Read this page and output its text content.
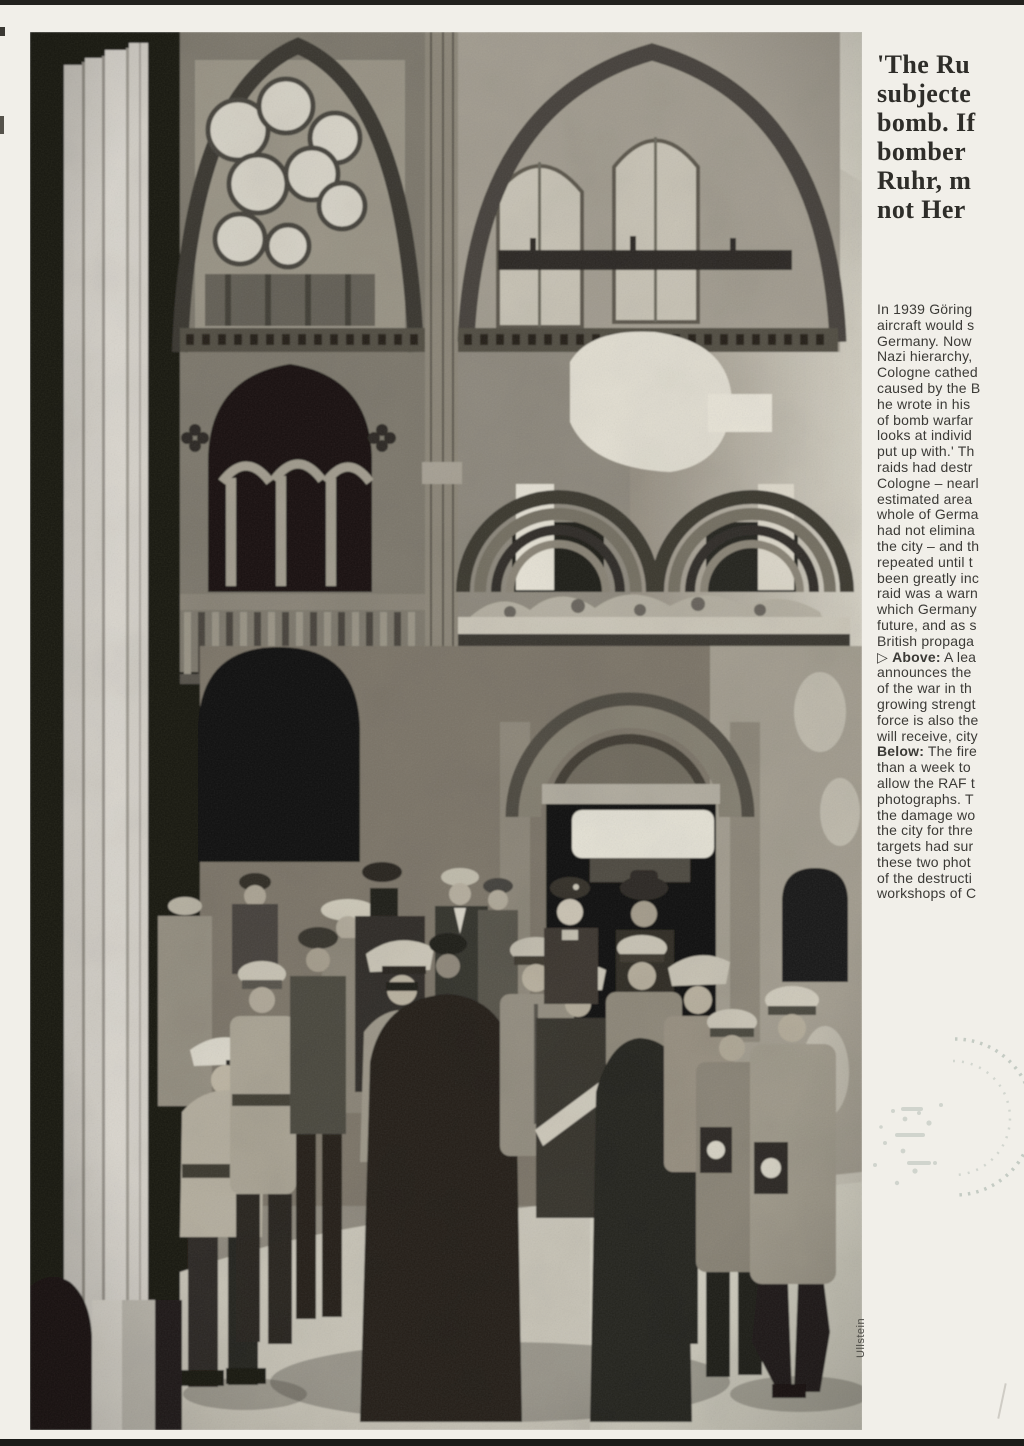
Ullstein
'The Ru
subjecte
bomb. If
bomber
Ruhr, m
not Her
In 1939 Göring
aircraft would s
Germany. Now
Nazi hierarchy,
Cologne cathed
caused by the B
he wrote in his
of bomb warfar
looks at individ
put up with.' Th
raids had destr
Cologne – nearl
estimated area
whole of Germa
had not elimina
the city – and th
repeated until t
been greatly inc
raid was a warn
which Germany
future, and as s
British propaga
▷ Above: A lea
announces the
of the war in th
growing strengt
force is also the
will receive, city
Below: The fire
than a week to
allow the RAF t
photographs. T
the damage wo
the city for thre
targets had sur
these two phot
of the destructi
workshops of C
